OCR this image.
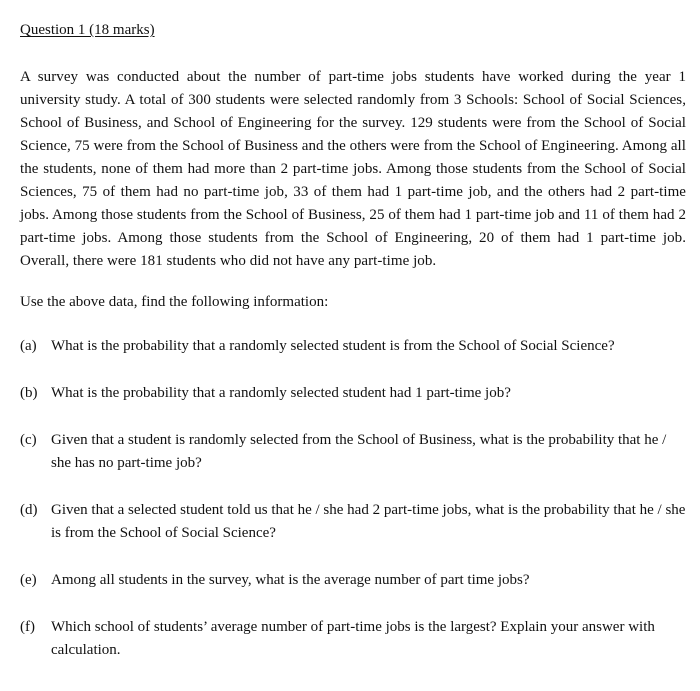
Question 1 (18 marks)

A survey was conducted about the number of part-time jobs students have worked during the year 1 university study. A total of 300 students were selected randomly from 3 Schools: School of Social Sciences, School of Business, and School of Engineering for the survey. 129 students were from the School of Social Science, 75 were from the School of Business and the others were from the School of Engineering. Among all the students, none of them had more than 2 part-time jobs. Among those students from the School of Social Sciences, 75 of them had no part-time job, 33 of them had 1 part-time job, and the others had 2 part-time jobs. Among those students from the School of Business, 25 of them had 1 part-time job and 11 of them had 2 part-time jobs. Among those students from the School of Engineering, 20 of them had 1 part-time job. Overall, there were 181 students who did not have any part-time job.
Use the above data, find the following information:
(a) What is the probability that a randomly selected student is from the School of Social Science?
(b) What is the probability that a randomly selected student had 1 part-time job?
(c) Given that a student is randomly selected from the School of Business, what is the probability that he / she has no part-time job?
(d) Given that a selected student told us that he / she had 2 part-time jobs, what is the probability that he / she is from the School of Social Science?
(e) Among all students in the survey, what is the average number of part time jobs?
(f) Which school of students’ average number of part-time jobs is the largest? Explain your answer with calculation.
